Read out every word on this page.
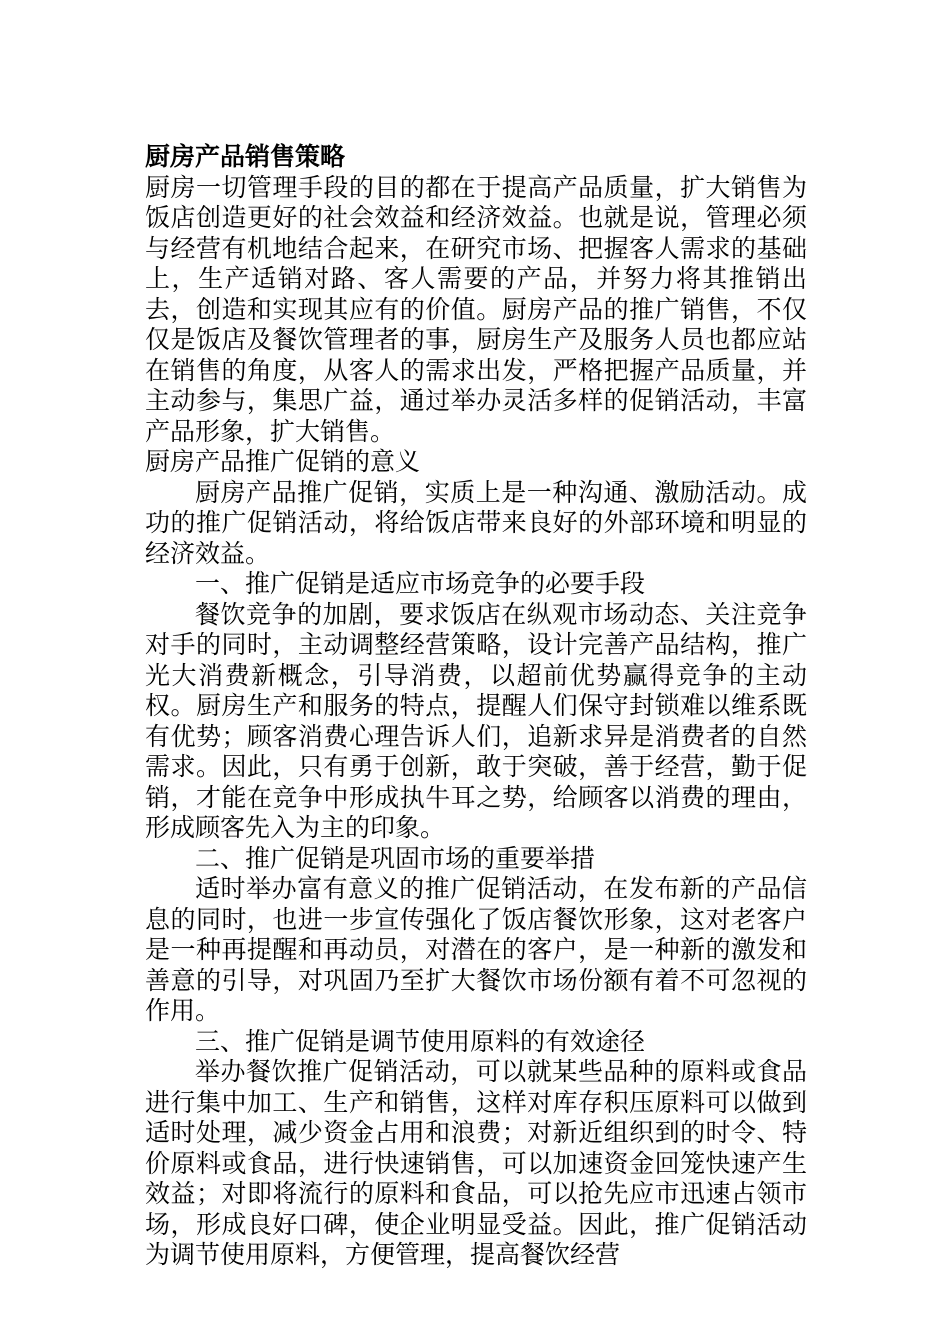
厨房产品销售策略

厨房一切管理手段的目的都在于提高产品质量，扩大销售为饭店创造更好的社会效益和经济效益。也就是说，管理必须与经营有机地结合起来，在研究市场、把握客人需求的基础上，生产适销对路、客人需要的产品，并努力将其推销出去，创造和实现其应有的价值。厨房产品的推广销售，不仅仅是饭店及餐饮管理者的事，厨房生产及服务人员也都应站在销售的角度，从客人的需求出发，严格把握产品质量，并主动参与，集思广益，通过举办灵活多样的促销活动，丰富产品形象，扩大销售。

厨房产品推广促销的意义

厨房产品推广促销，实质上是一种沟通、激励活动。成功的推广促销活动，将给饭店带来良好的外部环境和明显的经济效益。

一、推广促销是适应市场竞争的必要手段

餐饮竞争的加剧，要求饭店在纵观市场动态、关注竞争对手的同时，主动调整经营策略，设计完善产品结构，推广光大消费新概念，引导消费，以超前优势赢得竞争的主动权。厨房生产和服务的特点，提醒人们保守封锁难以维系既有优势；顾客消费心理告诉人们，追新求异是消费者的自然需求。因此，只有勇于创新，敢于突破，善于经营，勤于促销，才能在竞争中形成执牛耳之势，给顾客以消费的理由，形成顾客先入为主的印象。

二、推广促销是巩固市场的重要举措

适时举办富有意义的推广促销活动，在发布新的产品信息的同时，也进一步宣传强化了饭店餐饮形象，这对老客户是一种再提醒和再动员，对潜在的客户，是一种新的激发和善意的引导，对巩固乃至扩大餐饮市场份额有着不可忽视的作用。

三、推广促销是调节使用原料的有效途径

举办餐饮推广促销活动，可以就某些品种的原料或食品进行集中加工、生产和销售，这样对库存积压原料可以做到适时处理，减少资金占用和浪费；对新近组织到的时令、特价原料或食品，进行快速销售，可以加速资金回笼快速产生效益；对即将流行的原料和食品，可以抢先应市迅速占领市场，形成良好口碑，使企业明显受益。因此，推广促销活动为调节使用原料，方便管理，提高餐饮经营
